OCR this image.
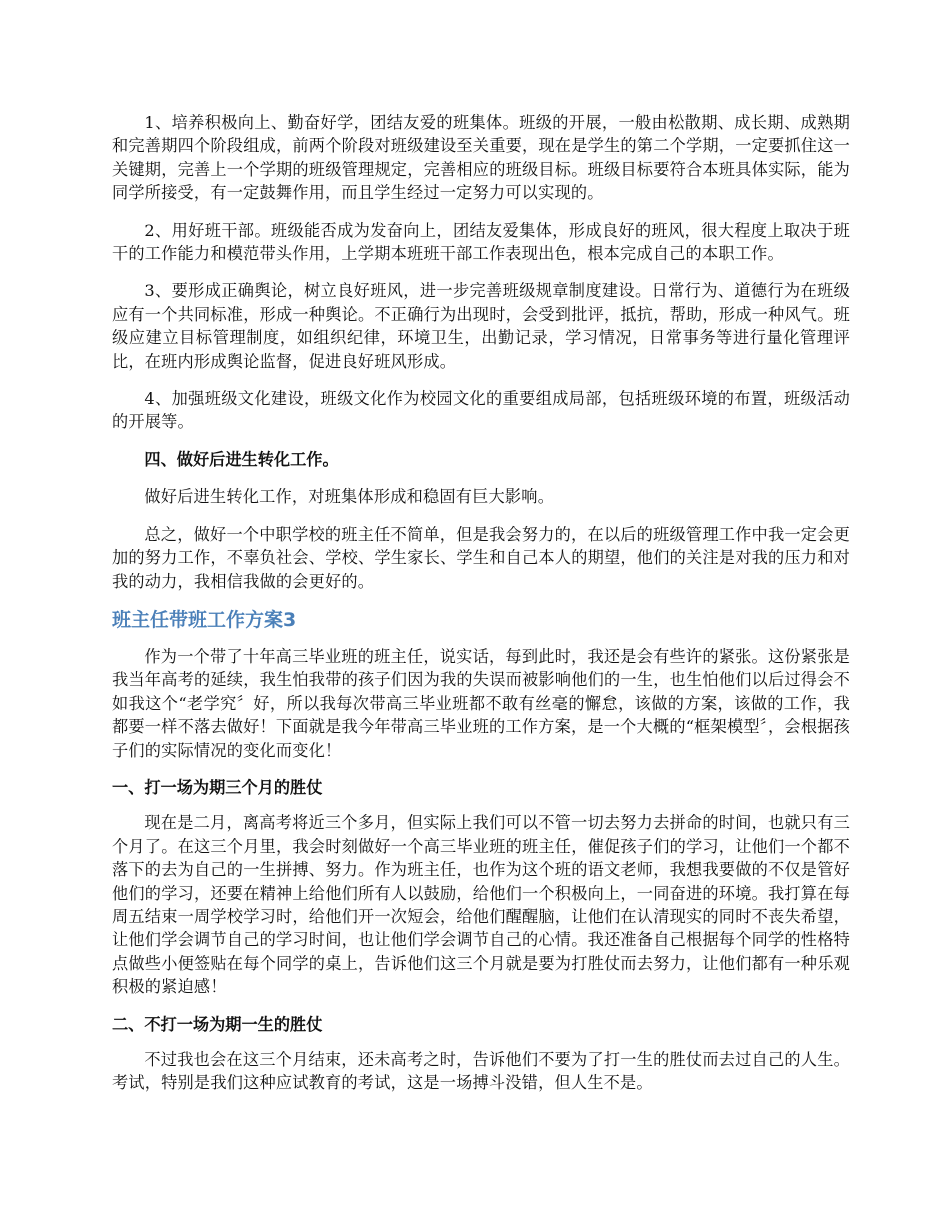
1、培养积极向上、勤奋好学，团结友爱的班集体。班级的开展，一般由松散期、成长期、成熟期和完善期四个阶段组成，前两个阶段对班级建设至关重要，现在是学生的第二个学期，一定要抓住这一关键期，完善上一个学期的班级管理规定，完善相应的班级目标。班级目标要符合本班具体实际，能为同学所接受，有一定鼓舞作用，而且学生经过一定努力可以实现的。

2、用好班干部。班级能否成为发奋向上，团结友爱集体，形成良好的班风，很大程度上取决于班干的工作能力和模范带头作用，上学期本班班干部工作表现出色，根本完成自己的本职工作。

3、要形成正确舆论，树立良好班风，进一步完善班级规章制度建设。日常行为、道德行为在班级应有一个共同标准，形成一种舆论。不正确行为出现时，会受到批评，抵抗，帮助，形成一种风气。班级应建立目标管理制度，如组织纪律，环境卫生，出勤记录，学习情况，日常事务等进行量化管理评比，在班内形成舆论监督，促进良好班风形成。

4、加强班级文化建设，班级文化作为校园文化的重要组成局部，包括班级环境的布置，班级活动的开展等。

四、做好后进生转化工作。

做好后进生转化工作，对班集体形成和稳固有巨大影响。

总之，做好一个中职学校的班主任不简单，但是我会努力的，在以后的班级管理工作中我一定会更加的努力工作，不辜负社会、学校、学生家长、学生和自己本人的期望，他们的关注是对我的压力和对我的动力，我相信我做的会更好的。

班主任带班工作方案3

作为一个带了十年高三毕业班的班主任，说实话，每到此时，我还是会有些许的紧张。这份紧张是我当年高考的延续，我生怕我带的孩子们因为我的失误而被影响他们的一生，也生怕他们以后过得会不如我这个“老学究〞好，所以我每次带高三毕业班都不敢有丝毫的懈怠，该做的方案，该做的工作，我都要一样不落去做好！下面就是我今年带高三毕业班的工作方案，是一个大概的“框架模型〞，会根据孩子们的实际情况的变化而变化！

一、打一场为期三个月的胜仗

现在是二月，离高考将近三个多月，但实际上我们可以不管一切去努力去拼命的时间，也就只有三个月了。在这三个月里，我会时刻做好一个高三毕业班的班主任，催促孩子们的学习，让他们一个都不落下的去为自己的一生拼搏、努力。作为班主任，也作为这个班的语文老师，我想我要做的不仅是管好他们的学习，还要在精神上给他们所有人以鼓励，给他们一个积极向上，一同奋进的环境。我打算在每周五结束一周学校学习时，给他们开一次短会，给他们醒醒脑，让他们在认清现实的同时不丧失希望，让他们学会调节自己的学习时间，也让他们学会调节自己的心情。我还准备自己根据每个同学的性格特点做些小便签贴在每个同学的桌上，告诉他们这三个月就是要为打胜仗而去努力，让他们都有一种乐观积极的紧迫感！

二、不打一场为期一生的胜仗

不过我也会在这三个月结束，还未高考之时，告诉他们不要为了打一生的胜仗而去过自己的人生。考试，特别是我们这种应试教育的考试，这是一场搏斗没错，但人生不是。
